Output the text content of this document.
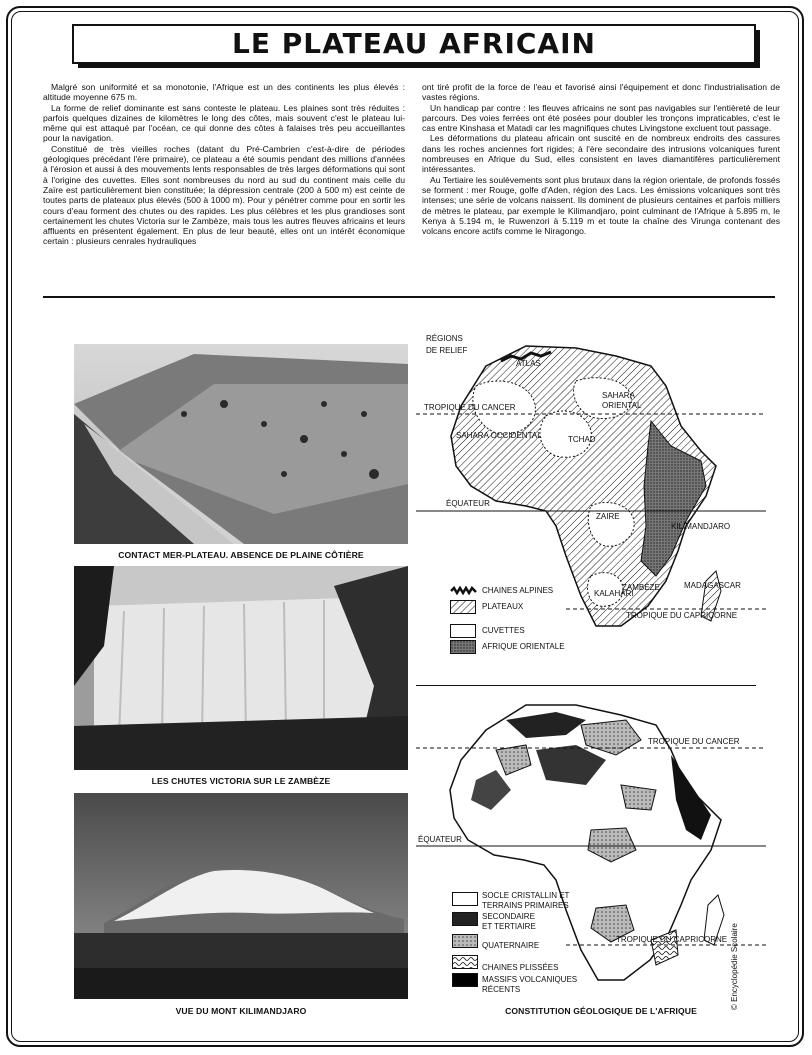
LE PLATEAU AFRICAIN

Malgré son uniformité et sa monotonie, l'Afrique est un des continents les plus élevés : altitude moyenne 675 m.

La forme de relief dominante est sans conteste le plateau. Les plaines sont très réduites : parfois quelques dizaines de kilomètres le long des côtes, mais souvent c'est le plateau lui-même qui est attaqué par l'océan, ce qui donne des côtes à falaises très peu accueillantes pour la navigation.

Constitué de très vieilles roches (datant du Pré-Cambrien c'est-à-dire de périodes géologiques précédant l'ère primaire), ce plateau a été soumis pendant des millions d'années à l'érosion et aussi à des mouvements lents responsables de très larges déformations qui sont à l'origine des cuvettes. Elles sont nombreuses du nord au sud du continent mais celle du Zaïre est particulièrement bien constituée; la dépression centrale (200 à 500 m) est ceinte de toutes parts de plateaux plus élevés (500 à 1000 m). Pour y pénétrer comme pour en sortir les cours d'eau forment des chutes ou des rapides. Les plus célèbres et les plus grandioses sont certainement les chutes Victoria sur le Zambèze, mais tous les autres fleuves africains et leurs affluents en présentent également. En plus de leur beauté, elles ont un intérêt économique certain : plusieurs cenrales hydrauliques

ont tiré profit de la force de l'eau et favorisé ainsi l'équipement et donc l'industrialisation de vastes régions.

Un handicap par contre : les fleuves africains ne sont pas navigables sur l'entièreté de leur parcours. Des voies ferrées ont été posées pour doubler les tronçons impraticables, c'est le cas entre Kinshasa et Matadi car les magnifiques chutes Livingstone excluent tout passage.

Les déformations du plateau africain ont suscité en de nombreux endroits des cassures dans les roches anciennes fort rigides; à l'ère secondaire des intrusions volcaniques furent nombreuses en Afrique du Sud, elles consistent en laves diamantifères particulièrement intéressantes.

Au Tertiaire les soulèvements sont plus brutaux dans la région orientale, de profonds fossés se forment : mer Rouge, golfe d'Aden, région des Lacs. Les émissions volcaniques sont très intenses; une série de volcans naissent. Ils dominent de plusieurs centaines et parfois milliers de mètres le plateau, par exemple le Kilimandjaro, point culminant de l'Afrique à 5.895 m, le Kenya à 5.194 m, le Ruwenzori à 5.119 m et toute la chaîne des Virunga contenant des volcans encore actifs comme le Niragongo.

CONTACT MER-PLATEAU. ABSENCE DE PLAINE CÔTIÈRE
LES CHUTES VICTORIA SUR LE ZAMBÈZE
VUE DU MONT KILIMANDJARO
RÉGIONS
DE RELIEF
ATLAS
TROPIQUE DU CANCER
SAHARA
ORIENTAL
SAHARA OCCIDENTAL	TCHAD
ÉQUATEUR
ZAIRE
KILIMANDJARO
MADAGASCAR
KALAHARI
ZAMBÈZE
TROPIQUE DU CAPRICORNE
CHAINES ALPINES
PLATEAUX
CUVETTES
AFRIQUE ORIENTALE
TROPIQUE DU CANCER
ÉQUATEUR
TROPIQUE DU CAPRICORNE
SOCLE CRISTALLIN ET
TERRAINS PRIMAIRES
SECONDAIRE
ET TERTIAIRE
QUATERNAIRE
CHAINES PLISSÉES
MASSIFS VOLCANIQUES
RÉCENTS
CONSTITUTION GÉOLOGIQUE DE L'AFRIQUE
© Encyclopédie Scolaire
